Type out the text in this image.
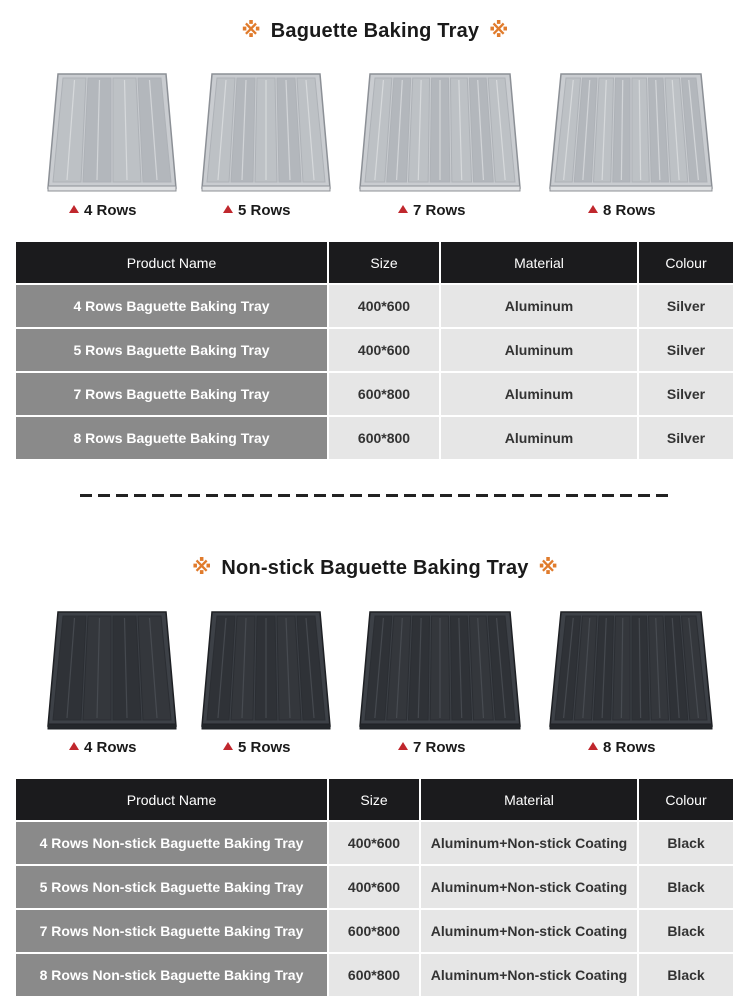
※ Baguette Baking Tray ※
4 Rows	5 Rows	7 Rows	8 Rows
Product Name	Size	Material	Colour
4 Rows Baguette Baking Tray	400*600	Aluminum	Silver
5 Rows Baguette Baking Tray	400*600	Aluminum	Silver
7 Rows Baguette Baking Tray	600*800	Aluminum	Silver
8 Rows Baguette Baking Tray	600*800	Aluminum	Silver
※ Non-stick Baguette Baking Tray ※
4 Rows	5 Rows	7 Rows	8 Rows
Product Name	Size	Material	Colour
4 Rows Non-stick Baguette Baking Tray	400*600	Aluminum+Non-stick Coating	Black
5 Rows Non-stick Baguette Baking Tray	400*600	Aluminum+Non-stick Coating	Black
7 Rows Non-stick Baguette Baking Tray	600*800	Aluminum+Non-stick Coating	Black
8 Rows Non-stick Baguette Baking Tray	600*800	Aluminum+Non-stick Coating	Black
